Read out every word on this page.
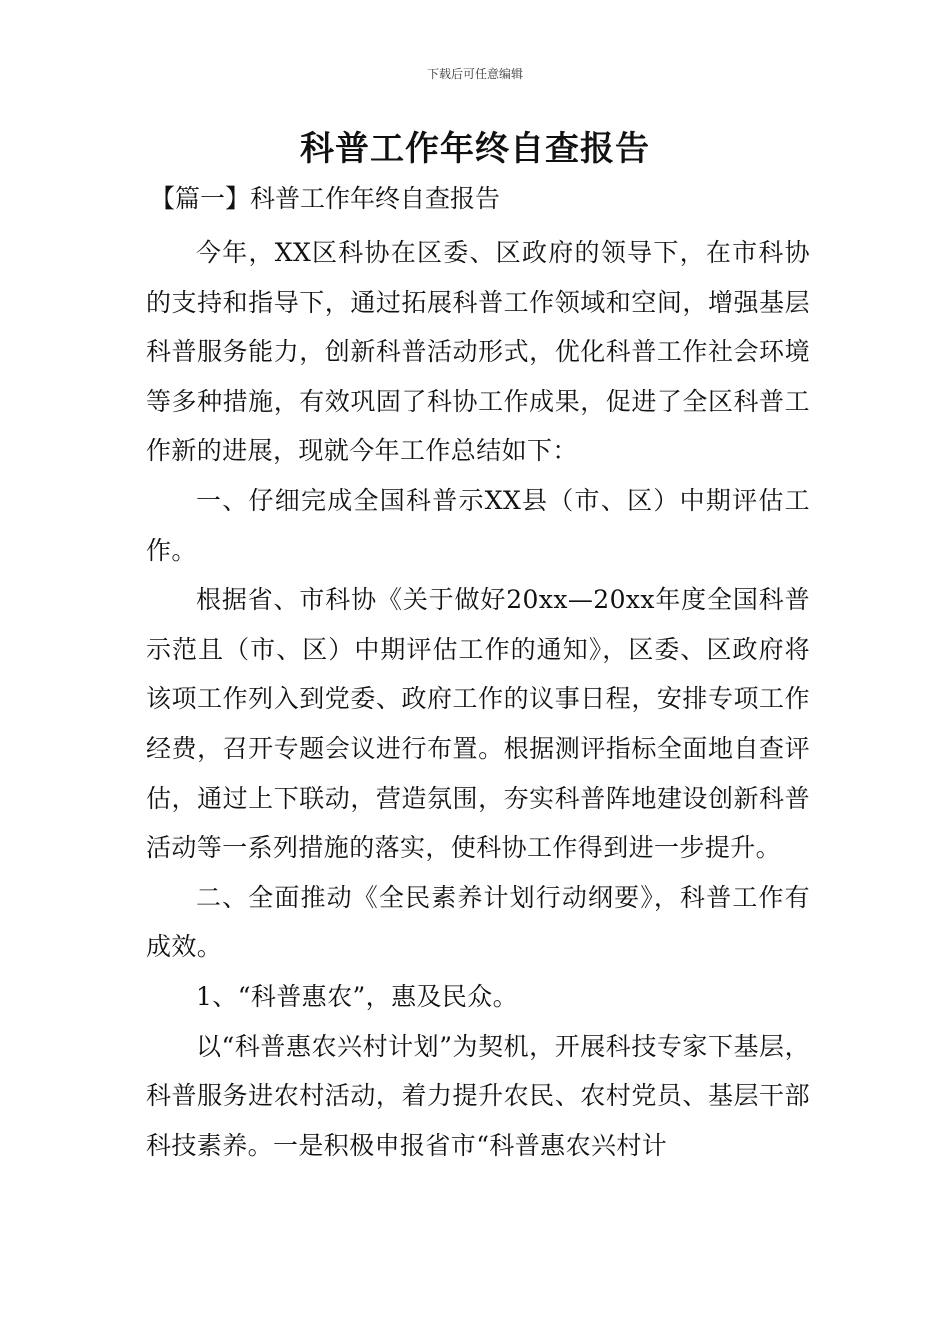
下载后可任意编辑
科普工作年终自查报告
【篇一】科普工作年终自查报告

今年，XX区科协在区委、区政府的领导下，在市科协的支持和指导下，通过拓展科普工作领域和空间，增强基层科普服务能力，创新科普活动形式，优化科普工作社会环境等多种措施，有效巩固了科协工作成果，促进了全区科普工作新的进展，现就今年工作总结如下：

一、仔细完成全国科普示XX县（市、区）中期评估工作。

根据省、市科协《关于做好20xx—20xx年度全国科普示范且（市、区）中期评估工作的通知》，区委、区政府将该项工作列入到党委、政府工作的议事日程，安排专项工作经费，召开专题会议进行布置。根据测评指标全面地自查评估，通过上下联动，营造氛围，夯实科普阵地建设创新科普活动等一系列措施的落实，使科协工作得到进一步提升。

二、全面推动《全民素养计划行动纲要》，科普工作有成效。

1、“科普惠农”，惠及民众。

以“科普惠农兴村计划”为契机，开展科技专家下基层，科普服务进农村活动，着力提升农民、农村党员、基层干部科技素养。一是积极申报省市“科普惠农兴村计
